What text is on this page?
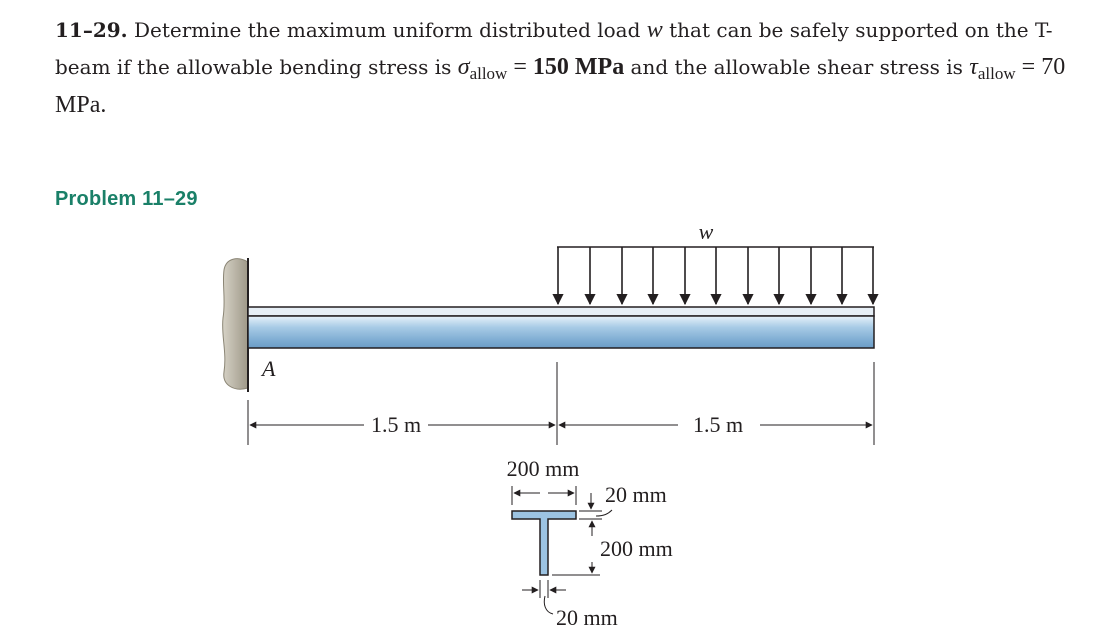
11–29. Determine the maximum uniform distributed load w that can be safely supported on the T-beam if the allowable bending stress is $\sigma_{allow} = 150$ MPa and the allowable shear stress is $\tau_{allow} = 70$ MPa.
Problem 11–29
w
A
1.5 m	1.5 m
200 mm
20 mm
200 mm
20 mm
